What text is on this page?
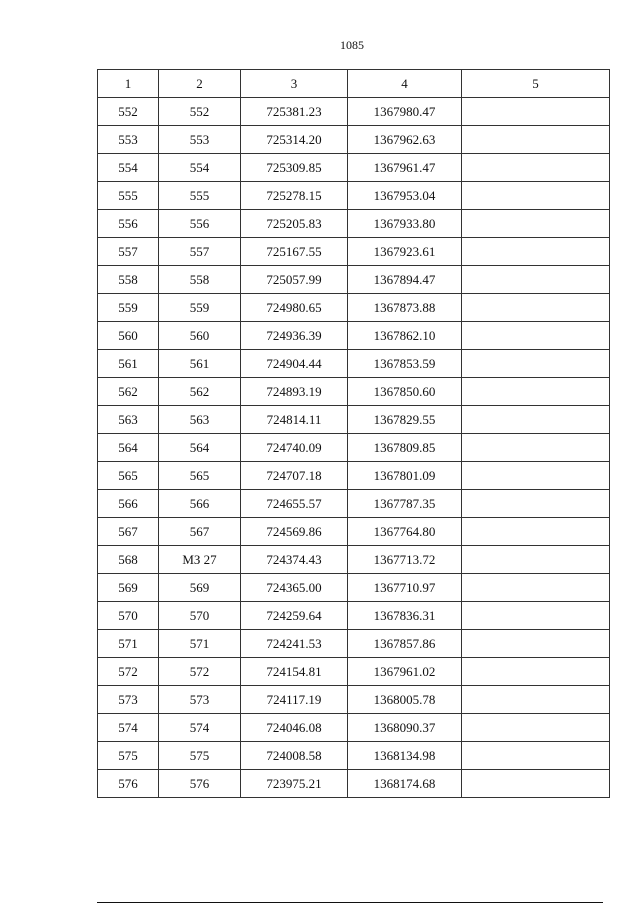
1085
1	2	3	4	5
552	552	725381.23	1367980.47	
553	553	725314.20	1367962.63	
554	554	725309.85	1367961.47	
555	555	725278.15	1367953.04	
556	556	725205.83	1367933.80	
557	557	725167.55	1367923.61	
558	558	725057.99	1367894.47	
559	559	724980.65	1367873.88	
560	560	724936.39	1367862.10	
561	561	724904.44	1367853.59	
562	562	724893.19	1367850.60	
563	563	724814.11	1367829.55	
564	564	724740.09	1367809.85	
565	565	724707.18	1367801.09	
566	566	724655.57	1367787.35	
567	567	724569.86	1367764.80	
568	МЗ 27	724374.43	1367713.72	
569	569	724365.00	1367710.97	
570	570	724259.64	1367836.31	
571	571	724241.53	1367857.86	
572	572	724154.81	1367961.02	
573	573	724117.19	1368005.78	
574	574	724046.08	1368090.37	
575	575	724008.58	1368134.98	
576	576	723975.21	1368174.68	
